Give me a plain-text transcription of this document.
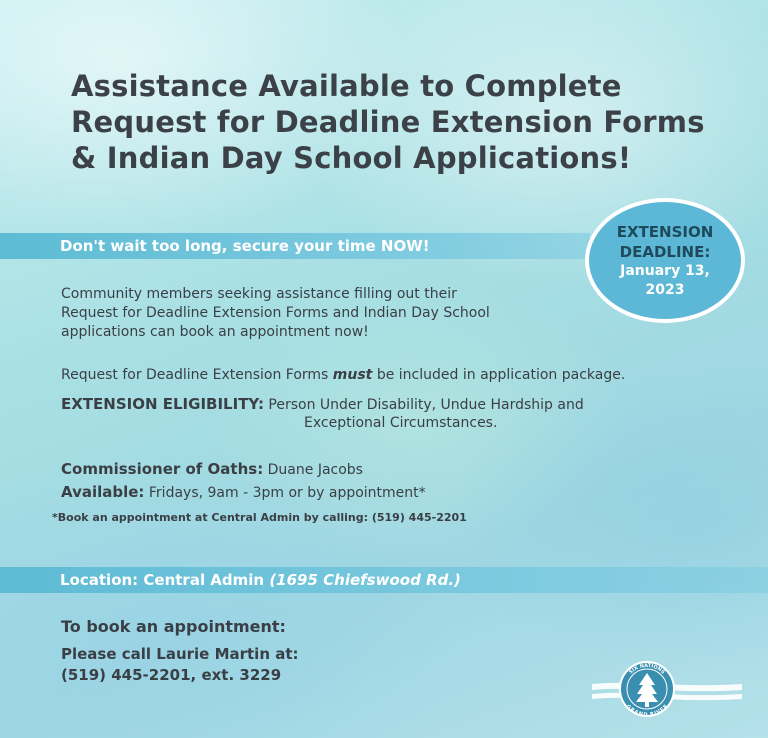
Assistance Available to Complete
Request for Deadline Extension Forms
& Indian Day School Applications!
Don't wait too long, secure your time NOW!
EXTENSION
DEADLINE:
January 13,
2023

Community members seeking assistance filling out their

Request for Deadline Extension Forms and Indian Day School

applications can book an appointment now!

Request for Deadline Extension Forms must be included in application package.

EXTENSION ELIGIBILITY: Person Under Disability, Undue Hardship and
Exceptional Circumstances.

Commissioner of Oaths: Duane Jacobs

Available: Fridays, 9am - 3pm or by appointment*

*Book an appointment at Central Admin by calling: (519) 445-2201
Location: Central Admin (1695 Chiefswood Rd.)

To book an appointment:

Please call Laurie Martin at:

(519) 445-2201, ext. 3229	SIX NATIONS
GRAND RIVER
